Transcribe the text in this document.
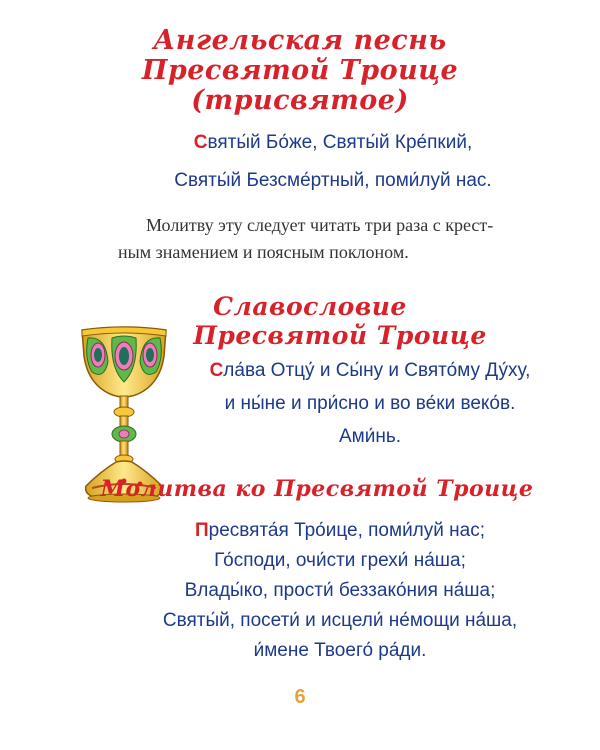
Ангельская песнь
Пресвятой Троице
(трисвятое)
Святы́й Бо́же, Святы́й Кре́пкий,
Святы́й Безсме́ртный, поми́луй нас.
Молитву эту следует читать три раза с крест-
ным знамением и поясным поклоном.
Славословие
Пресвятой Троице
Сла́ва Отцу́ и Сы́ну и Свято́му Ду́ху,
и ны́не и при́сно и во ве́ки веко́в.
Ами́нь.
Молитва ко Пресвятой Троице
Пресвята́я Тро́ице, поми́луй нас;
Го́споди, очи́сти грехи́ на́ша;
Влады́ко, прости́ беззако́ния на́ша;
Святы́й, посети́ и исцели́ не́мощи на́ша,
и́мене Твоего́ ра́ди.
6
